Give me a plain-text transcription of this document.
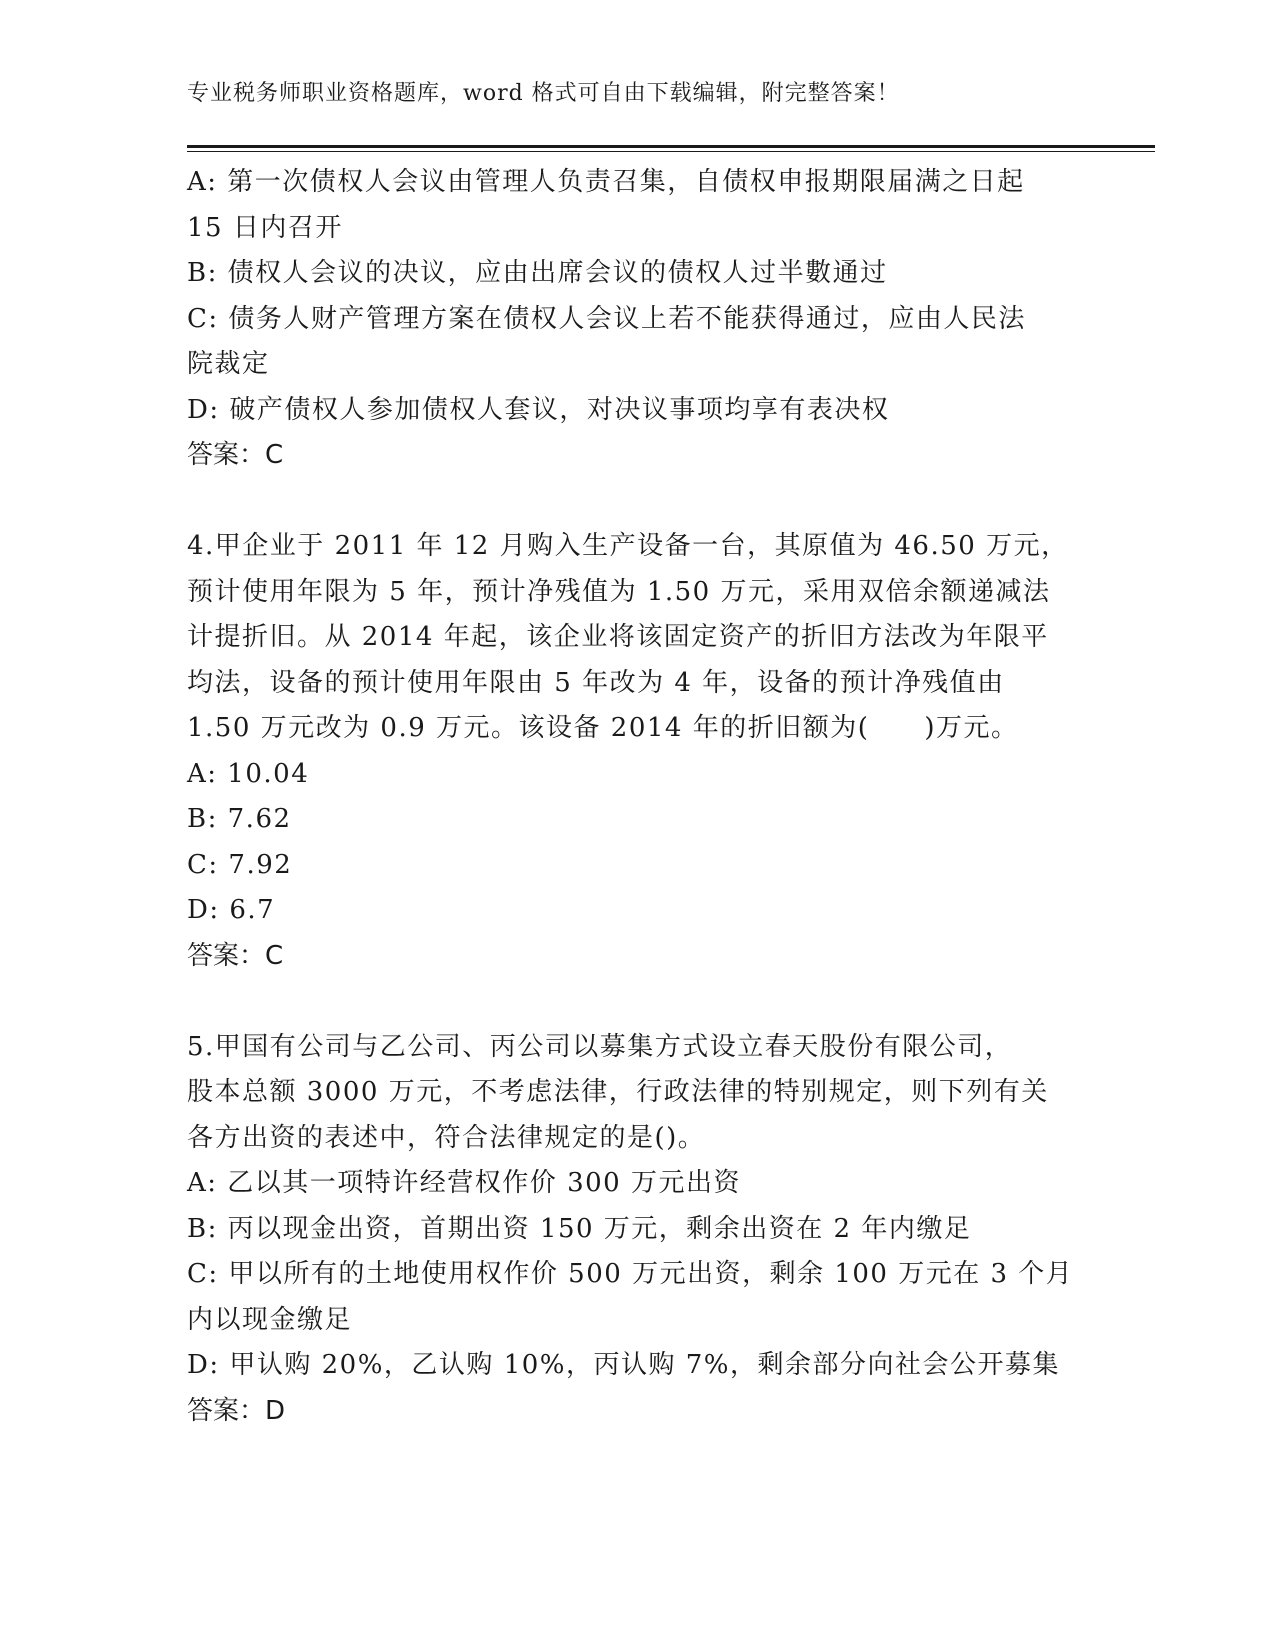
专业税务师职业资格题库，word 格式可自由下载编辑，附完整答案！
A: 第一次债权人会议由管理人负责召集，自债权申报期限届满之日起
15 日内召开
B: 债权人会议的决议，应由出席会议的债权人过半數通过
C: 债务人财产管理方案在债权人会议上若不能获得通过，应由人民法
院裁定
D: 破产债权人参加债权人套议，对决议事项均享有表决权
答案：C
4.甲企业于 2011 年 12 月购入生产设备一台，其原值为 46.50 万元，
预计使用年限为 5 年，预计净残值为 1.50 万元，采用双倍余额递减法
计提折旧。从 2014 年起，该企业将该固定资产的折旧方法改为年限平
均法，设备的预计使用年限由 5 年改为 4 年，设备的预计净残值由
1.50 万元改为 0.9 万元。该设备 2014 年的折旧额为(　　)万元。
A: 10.04
B: 7.62
C: 7.92
D: 6.7
答案：C
5.甲国有公司与乙公司、丙公司以募集方式设立春天股份有限公司，
股本总额 3000 万元，不考虑法律，行政法律的特别规定，则下列有关
各方出资的表述中，符合法律规定的是()。
A: 乙以其一项特许经营权作价 300 万元出资
B: 丙以现金出资，首期出资 150 万元，剩余出资在 2 年内缴足
C: 甲以所有的土地使用权作价 500 万元出资，剩余 100 万元在 3 个月
内以现金缴足
D: 甲认购 20%，乙认购 10%，丙认购 7%，剩余部分向社会公开募集
答案：D
